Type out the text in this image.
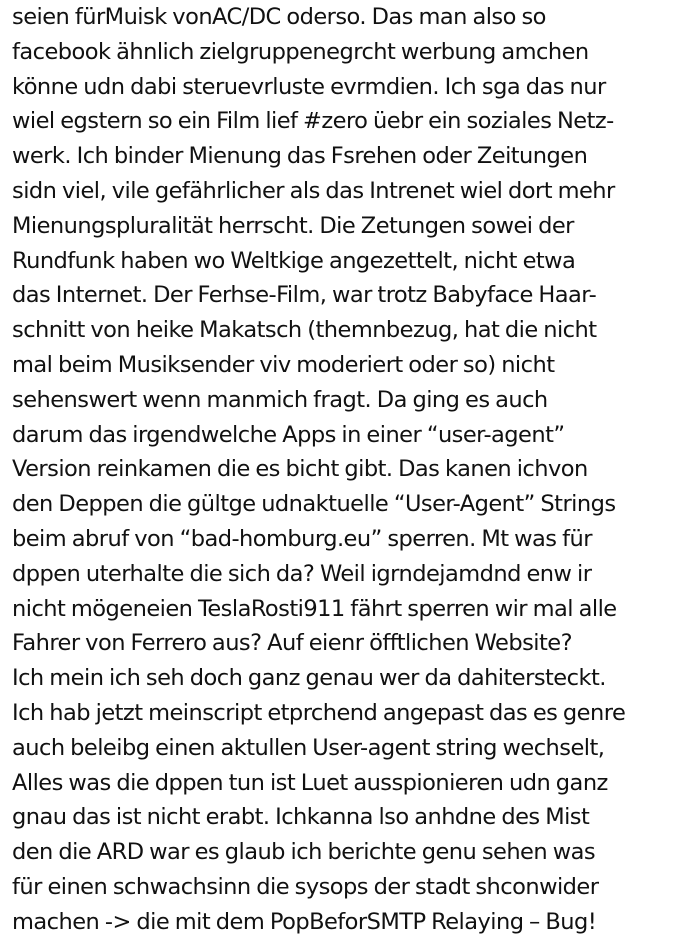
seien fürMuisk vonAC/DC oderso. Das man also so
facebook ähnlich zielgruppenegrcht werbung amchen
könne udn dabi steruevrluste evrmdien. Ich sga das nur
wiel egstern so ein Film lief #zero üebr ein soziales Netz-
werk. Ich binder Mienung das Fsrehen oder Zeitungen
sidn viel, vile gefährlicher als das Intrenet wiel dort mehr
Mienungspluralität herrscht. Die Zetungen sowei der
Rundfunk haben wo Weltkige angezettelt, nicht etwa
das Internet. Der Ferhse-Film, war trotz Babyface Haar-
schnitt von heike Makatsch (themnbezug, hat die nicht
mal beim Musiksender viv moderiert oder so) nicht
sehenswert wenn manmich fragt. Da ging es auch
darum das irgendwelche Apps in einer “user-agent”
Version reinkamen die es bicht gibt. Das kanen ichvon
den Deppen die gültge udnaktuelle “User-Agent” Strings
beim abruf von “bad-homburg.eu” sperren. Mt was für
dppen uterhalte die sich da? Weil igrndejamdnd enw ir
nicht mögeneien TeslaRosti911 fährt sperren wir mal alle
Fahrer von Ferrero aus? Auf eienr öfftlichen Website?
Ich mein ich seh doch ganz genau wer da dahitersteckt.
Ich hab jetzt meinscript etprchend angepast das es genre
auch beleibg einen aktullen User-agent string wechselt,
Alles was die dppen tun ist Luet ausspionieren udn ganz
gnau das ist nicht erabt. Ichkanna lso anhdne des Mist
den die ARD war es glaub ich berichte genu sehen was
für einen schwachsinn die sysops der stadt shconwider
machen -> die mit dem PopBeforSMTP Relaying – Bug!
